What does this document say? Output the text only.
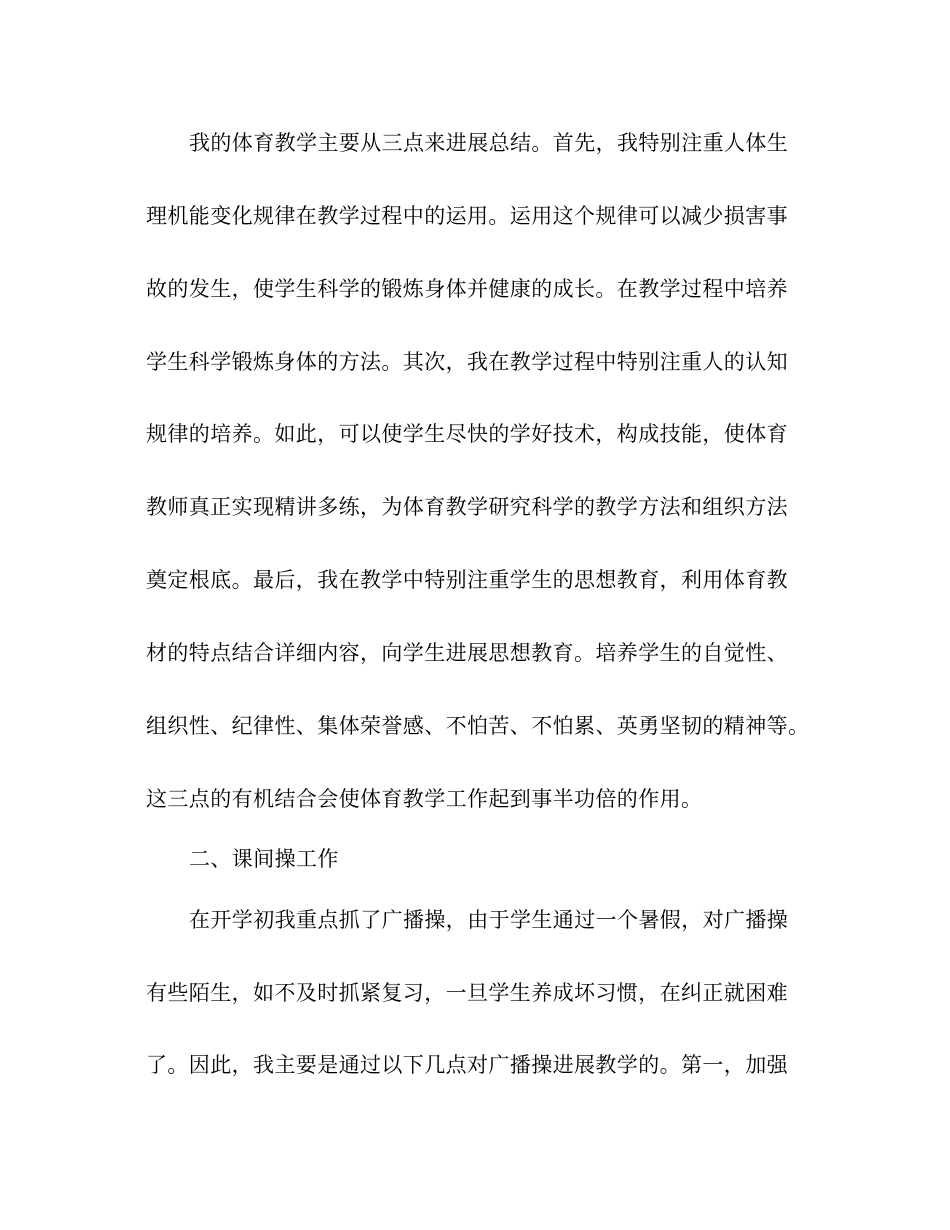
我的体育教学主要从三点来进展总结。首先，我特别注重人体生
理机能变化规律在教学过程中的运用。运用这个规律可以减少损害事
故的发生，使学生科学的锻炼身体并健康的成长。在教学过程中培养
学生科学锻炼身体的方法。其次，我在教学过程中特别注重人的认知
规律的培养。如此，可以使学生尽快的学好技术，构成技能，使体育
教师真正实现精讲多练，为体育教学研究科学的教学方法和组织方法
奠定根底。最后，我在教学中特别注重学生的思想教育，利用体育教
材的特点结合详细内容，向学生进展思想教育。培养学生的自觉性、
组织性、纪律性、集体荣誉感、不怕苦、不怕累、英勇坚韧的精神等。
这三点的有机结合会使体育教学工作起到事半功倍的作用。
二、课间操工作
在开学初我重点抓了广播操，由于学生通过一个暑假，对广播操
有些陌生，如不及时抓紧复习，一旦学生养成坏习惯，在纠正就困难
了。因此，我主要是通过以下几点对广播操进展教学的。第一，加强
